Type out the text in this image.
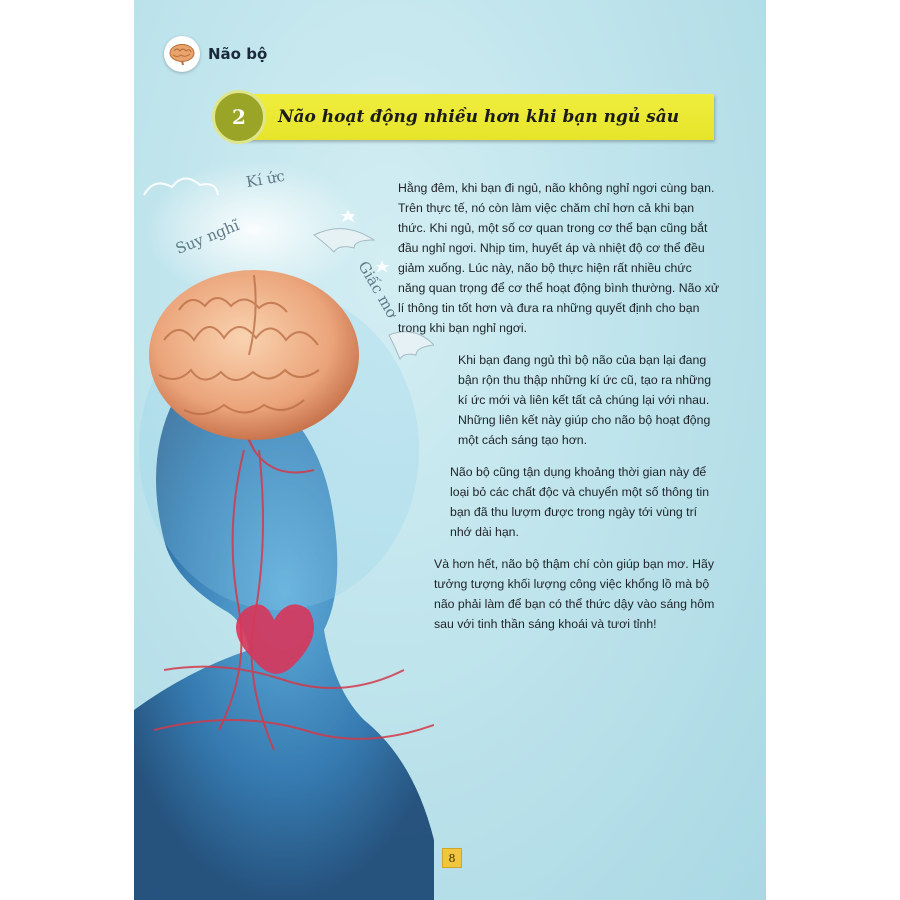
Não bộ
2	Não hoạt động nhiều hơn khi bạn ngủ sâu
Kí ức
Suy nghĩ
Giấc mơ

Hằng đêm, khi bạn đi ngủ, não không nghỉ ngơi cùng bạn. Trên thực tế, nó còn làm việc chăm chỉ hơn cả khi bạn thức. Khi ngủ, một số cơ quan trong cơ thể bạn cũng bắt đầu nghỉ ngơi. Nhịp tim, huyết áp và nhiệt độ cơ thể đều giảm xuống. Lúc này, não bộ thực hiện rất nhiều chức năng quan trọng để cơ thể hoạt động bình thường. Não xử lí thông tin tốt hơn và đưa ra những quyết định cho bạn trong khi bạn nghỉ ngơi.

Khi bạn đang ngủ thì bộ não của bạn lại đang bận rộn thu thập những kí ức cũ, tạo ra những kí ức mới và liên kết tất cả chúng lại với nhau. Những liên kết này giúp cho não bộ hoạt động một cách sáng tạo hơn.

Não bộ cũng tận dụng khoảng thời gian này để loại bỏ các chất độc và chuyển một số thông tin bạn đã thu lượm được trong ngày tới vùng trí nhớ dài hạn.

Và hơn hết, não bộ thậm chí còn giúp bạn mơ. Hãy tưởng tượng khối lượng công việc khổng lồ mà bộ não phải làm để bạn có thể thức dậy vào sáng hôm sau với tinh thần sáng khoái và tươi tỉnh!

8
